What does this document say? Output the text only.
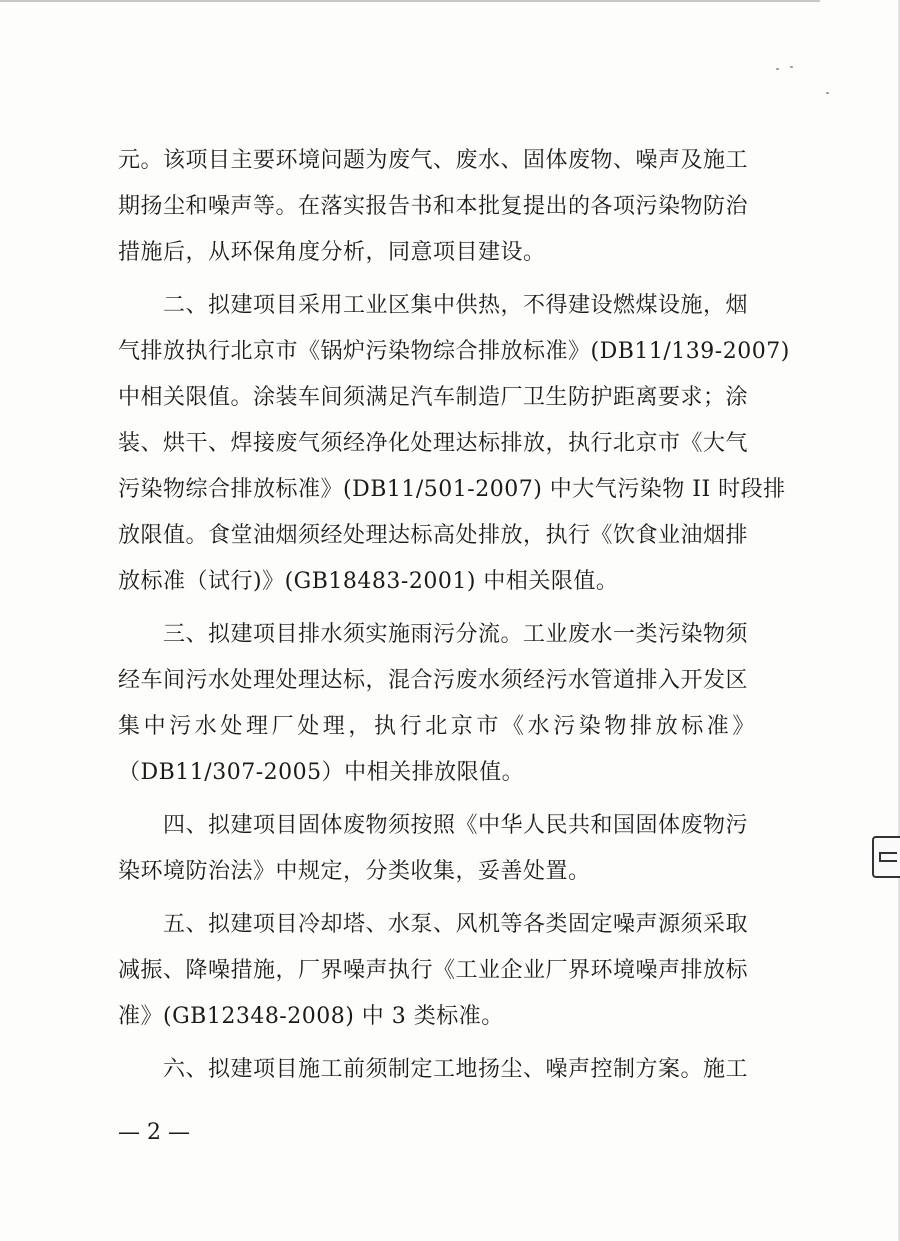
元。该项目主要环境问题为废气、废水、固体废物、噪声及施工
期扬尘和噪声等。在落实报告书和本批复提出的各项污染物防治
措施后，从环保角度分析，同意项目建设。
　　二、拟建项目采用工业区集中供热，不得建设燃煤设施，烟
气排放执行北京市《锅炉污染物综合排放标准》(DB11/139-2007)
中相关限值。涂装车间须满足汽车制造厂卫生防护距离要求；涂
装、烘干、焊接废气须经净化处理达标排放，执行北京市《大气
污染物综合排放标准》(DB11/501-2007) 中大气污染物 II 时段排
放限值。食堂油烟须经处理达标高处排放，执行《饮食业油烟排
放标准（试行)》(GB18483-2001) 中相关限值。
　　三、拟建项目排水须实施雨污分流。工业废水一类污染物须
经车间污水处理处理达标，混合污废水须经污水管道排入开发区
集中污水处理厂处理，执行北京市《水污染物排放标准》
（DB11/307-2005）中相关排放限值。
　　四、拟建项目固体废物须按照《中华人民共和国固体废物污
染环境防治法》中规定，分类收集，妥善处置。
　　五、拟建项目冷却塔、水泵、风机等各类固定噪声源须采取
减振、降噪措施，厂界噪声执行《工业企业厂界环境噪声排放标
准》(GB12348-2008) 中 3 类标准。
　　六、拟建项目施工前须制定工地扬尘、噪声控制方案。施工
— 2 —
